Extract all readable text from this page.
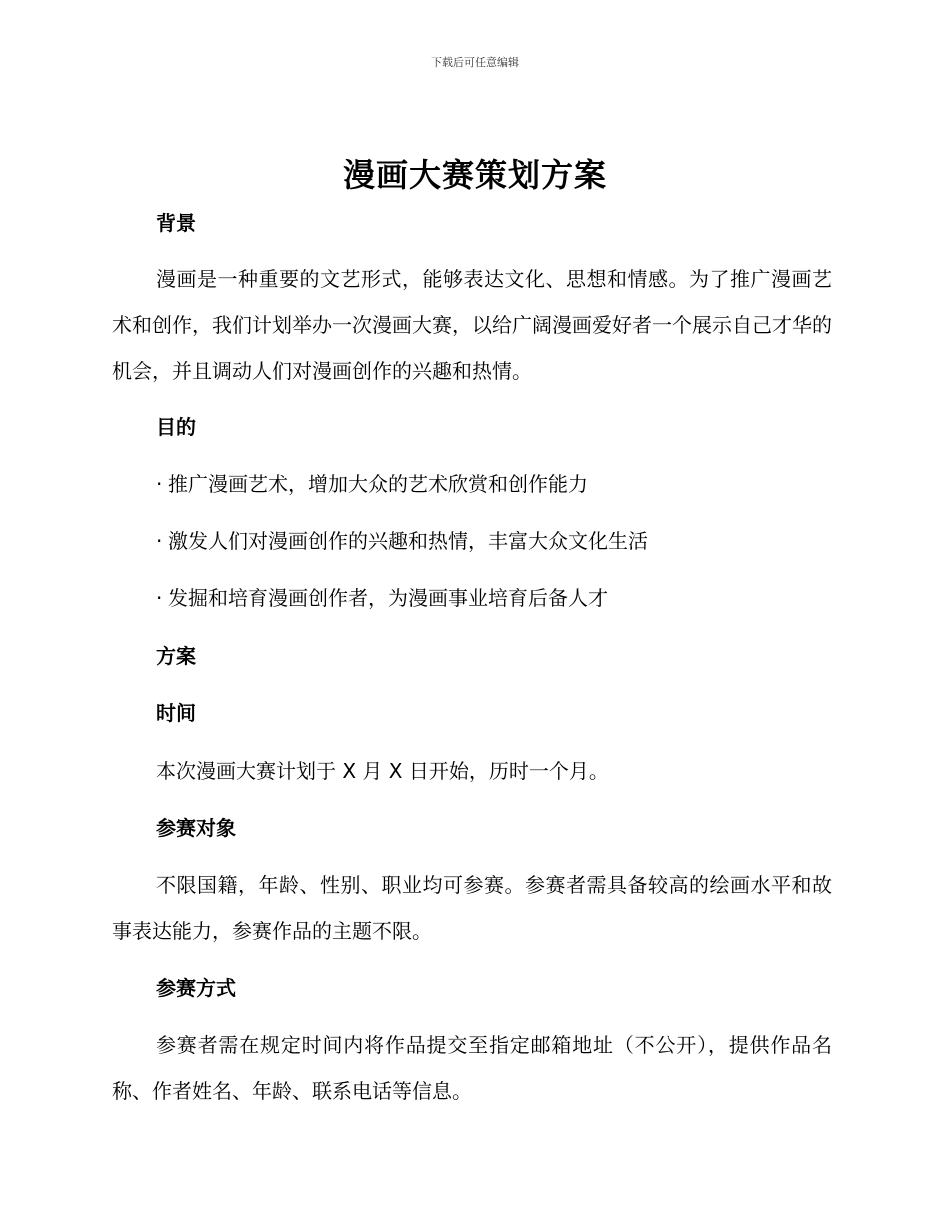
下载后可任意编辑
漫画大赛策划方案
背景
漫画是一种重要的文艺形式，能够表达文化、思想和情感。为了推广漫画艺术和创作，我们计划举办一次漫画大赛，以给广阔漫画爱好者一个展示自己才华的机会，并且调动人们对漫画创作的兴趣和热情。
目的
· 推广漫画艺术，增加大众的艺术欣赏和创作能力
· 激发人们对漫画创作的兴趣和热情，丰富大众文化生活
· 发掘和培育漫画创作者，为漫画事业培育后备人才
方案
时间
本次漫画大赛计划于 X 月 X 日开始，历时一个月。
参赛对象
不限国籍，年龄、性别、职业均可参赛。参赛者需具备较高的绘画水平和故事表达能力，参赛作品的主题不限。
参赛方式
参赛者需在规定时间内将作品提交至指定邮箱地址（不公开），提供作品名称、作者姓名、年龄、联系电话等信息。
